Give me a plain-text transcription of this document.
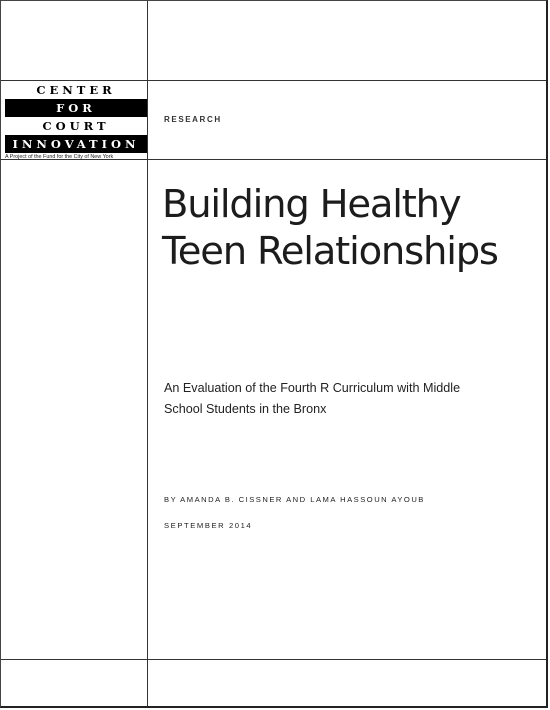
CENTER
FOR
COURT
INNOVATION
A Project of the Fund for the City of New York
RESEARCH
Building Healthy
Teen Relationships
An Evaluation of the Fourth R Curriculum with Middle
School Students in the Bronx
BY AMANDA B. CISSNER AND LAMA HASSOUN AYOUB
SEPTEMBER 2014
